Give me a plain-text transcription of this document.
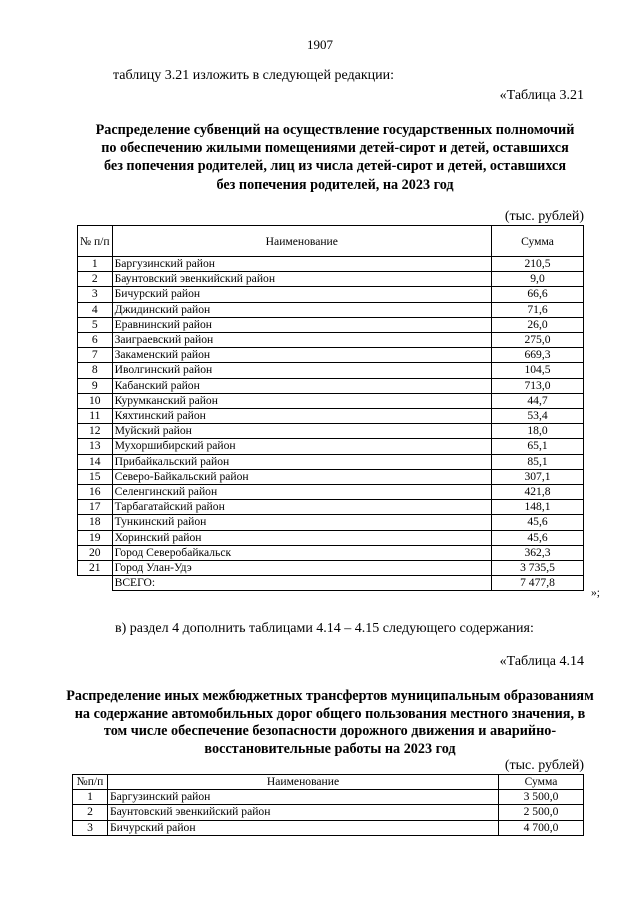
1907
таблицу 3.21 изложить в следующей редакции:
«Таблица 3.21
Распределение субвенций на осуществление государственных полномочий по обеспечению жилыми помещениями детей-сирот и детей, оставшихся без попечения родителей, лиц из числа детей-сирот и детей, оставшихся без попечения родителей, на 2023 год
(тыс. рублей)
№ п/п	Наименование	Сумма
1	Баргузинский район	210,5
2	Баунтовский эвенкийский район	9,0
3	Бичурский район	66,6
4	Джидинский район	71,6
5	Еравнинский район	26,0
6	Заиграевский район	275,0
7	Закаменский район	669,3
8	Иволгинский район	104,5
9	Кабанский район	713,0
10	Курумканский район	44,7
11	Кяхтинский район	53,4
12	Муйский район	18,0
13	Мухоршибирский район	65,1
14	Прибайкальский район	85,1
15	Северо-Байкальский район	307,1
16	Селенгинский район	421,8
17	Тарбагатайский район	148,1
18	Тункинский район	45,6
19	Хоринский район	45,6
20	Город Северобайкальск	362,3
21	Город Улан-Удэ	3 735,5
	ВСЕГО:	7 477,8
»;
в) раздел 4 дополнить таблицами 4.14 – 4.15 следующего содержания:
«Таблица 4.14
Распределение иных межбюджетных трансфертов муниципальным образованиям на содержание автомобильных дорог общего пользования местного значения, в том числе обеспечение безопасности дорожного движения и аварийно-восстановительные работы на 2023 год
(тыс. рублей)
№п/п	Наименование	Сумма
1	Баргузинский район	3 500,0
2	Баунтовский эвенкийский район	2 500,0
3	Бичурский район	4 700,0
